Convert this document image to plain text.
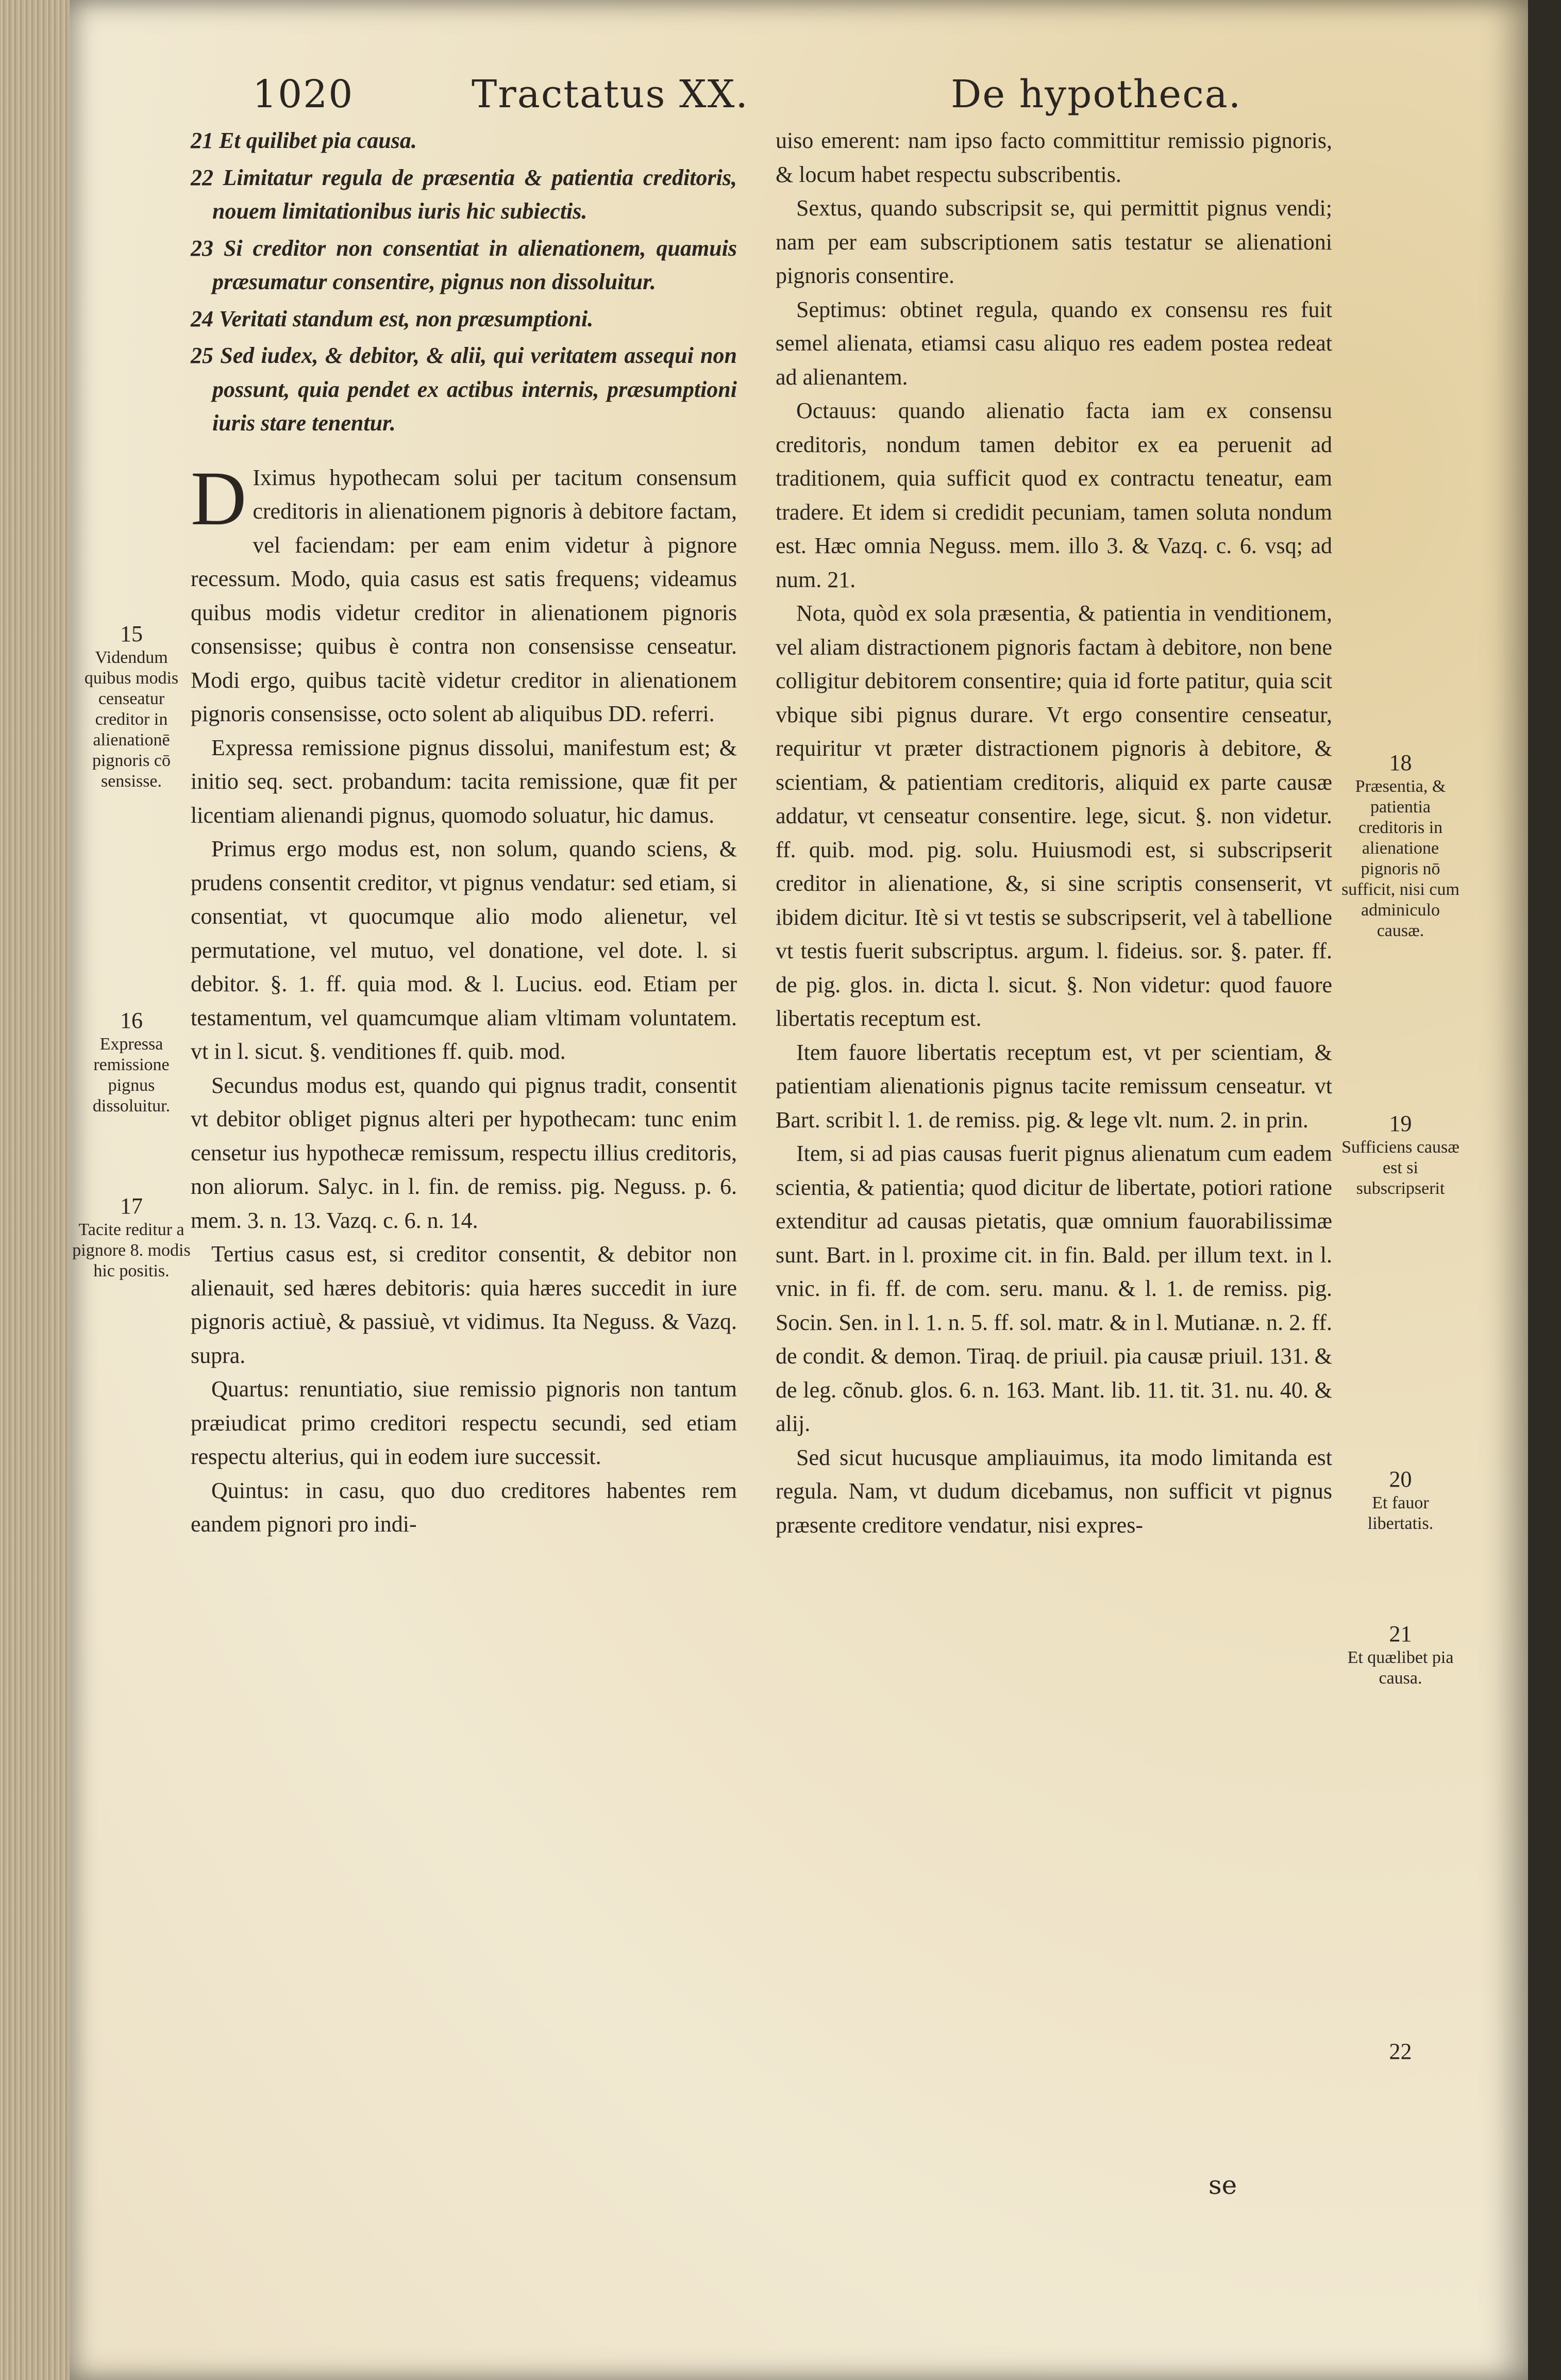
1020	Tractatus XX.	De hypotheca.

21 Et quilibet pia causa.

22 Limitatur regula de præsentia & patientia creditoris, nouem limitationibus iuris hic subiectis.

23 Si creditor non consentiat in alienationem, quamuis præsumatur consentire, pignus non dissoluitur.

24 Veritati standum est, non præsumptioni.

25 Sed iudex, & debitor, & alii, qui veritatem assequi non possunt, quia pendet ex actibus internis, præsumptioni iuris stare tenentur.

D Iximus hypothecam solui per tacitum consensum creditoris in alienationem pignoris à debitore factam, vel faciendam: per eam enim videtur à pignore recessum. Modo, quia casus est satis frequens; videamus quibus modis videtur creditor in alienationem pignoris consensisse; quibus è contra non consensisse censeatur. Modi ergo, quibus tacitè videtur creditor in alienationem pignoris consensisse, octo solent ab aliquibus DD. referri.

Expressa remissione pignus dissolui, manifestum est; & initio seq. sect. probandum: tacita remissione, quæ fit per licentiam alienandi pignus, quomodo soluatur, hic damus.

Primus ergo modus est, non solum, quando sciens, & prudens consentit creditor, vt pignus vendatur: sed etiam, si consentiat, vt quocumque alio modo alienetur, vel permutatione, vel mutuo, vel donatione, vel dote. l. si debitor. §. 1. ff. quia mod. & l. Lucius. eod. Etiam per testamentum, vel quamcumque aliam vltimam voluntatem. vt in l. sicut. §. venditiones ff. quib. mod.

Secundus modus est, quando qui pignus tradit, consentit vt debitor obliget pignus alteri per hypothecam: tunc enim censetur ius hypothecæ remissum, respectu illius creditoris, non aliorum. Salyc. in l. fin. de remiss. pig. Neguss. p. 6. mem. 3. n. 13. Vazq. c. 6. n. 14.

Tertius casus est, si creditor consentit, & debitor non alienauit, sed hæres debitoris: quia hæres succedit in iure pignoris actiuè, & passiuè, vt vidimus. Ita Neguss. & Vazq. supra.

Quartus: renuntiatio, siue remissio pignoris non tantum præiudicat primo creditori respectu secundi, sed etiam respectu alterius, qui in eodem iure successit.

Quintus: in casu, quo duo creditores habentes rem eandem pignori pro indi-

uiso emerent: nam ipso facto committitur remissio pignoris, & locum habet respectu subscribentis.

Sextus, quando subscripsit se, qui permittit pignus vendi; nam per eam subscriptionem satis testatur se alienationi pignoris consentire.

Septimus: obtinet regula, quando ex consensu res fuit semel alienata, etiamsi casu aliquo res eadem postea redeat ad alienantem.

Octauus: quando alienatio facta iam ex consensu creditoris, nondum tamen debitor ex ea peruenit ad traditionem, quia sufficit quod ex contractu teneatur, eam tradere. Et idem si credidit pecuniam, tamen soluta nondum est. Hæc omnia Neguss. mem. illo 3. & Vazq. c. 6. vsq; ad num. 21.

Nota, quòd ex sola præsentia, & patientia in venditionem, vel aliam distractionem pignoris factam à debitore, non bene colligitur debitorem consentire; quia id forte patitur, quia scit vbique sibi pignus durare. Vt ergo consentire censeatur, requiritur vt præter distractionem pignoris à debitore, & scientiam, & patientiam creditoris, aliquid ex parte causæ addatur, vt censeatur consentire. lege, sicut. §. non videtur. ff. quib. mod. pig. solu. Huiusmodi est, si subscripserit creditor in alienatione, &, si sine scriptis consenserit, vt ibidem dicitur. Itè si vt testis se subscripserit, vel à tabellione vt testis fuerit subscriptus. argum. l. fideius. sor. §. pater. ff. de pig. glos. in. dicta l. sicut. §. Non videtur: quod fauore libertatis receptum est.

Item fauore libertatis receptum est, vt per scientiam, & patientiam alienationis pignus tacite remissum censeatur. vt Bart. scribit l. 1. de remiss. pig. & lege vlt. num. 2. in prin.

Item, si ad pias causas fuerit pignus alienatum cum eadem scientia, & patientia; quod dicitur de libertate, potiori ratione extenditur ad causas pietatis, quæ omnium fauorabilissimæ sunt. Bart. in l. proxime cit. in fin. Bald. per illum text. in l. vnic. in fi. ff. de com. seru. manu. & l. 1. de remiss. pig. Socin. Sen. in l. 1. n. 5. ff. sol. matr. & in l. Mutianæ. n. 2. ff. de condit. & demon. Tiraq. de priuil. pia causæ priuil. 131. & de leg. cõnub. glos. 6. n. 163. Mant. lib. 11. tit. 31. nu. 40. & alij.

Sed sicut hucusque ampliauimus, ita modo limitanda est regula. Nam, vt dudum dicebamus, non sufficit vt pignus præsente creditore vendatur, nisi expres-

15
Videndum quibus modis censeatur creditor in alienationē pignoris cō sensisse.
16
Expressa remissione pignus dissoluitur.
17
Tacite reditur a pignore 8. modis hic positis.
18
Præsentia, & patientia creditoris in alienatione pignoris nō sufficit, nisi cum adminiculo causæ.
19
Sufficiens causæ est si subscripserit
20
Et fauor libertatis.
21
Et quælibet pia causa.
22
se
